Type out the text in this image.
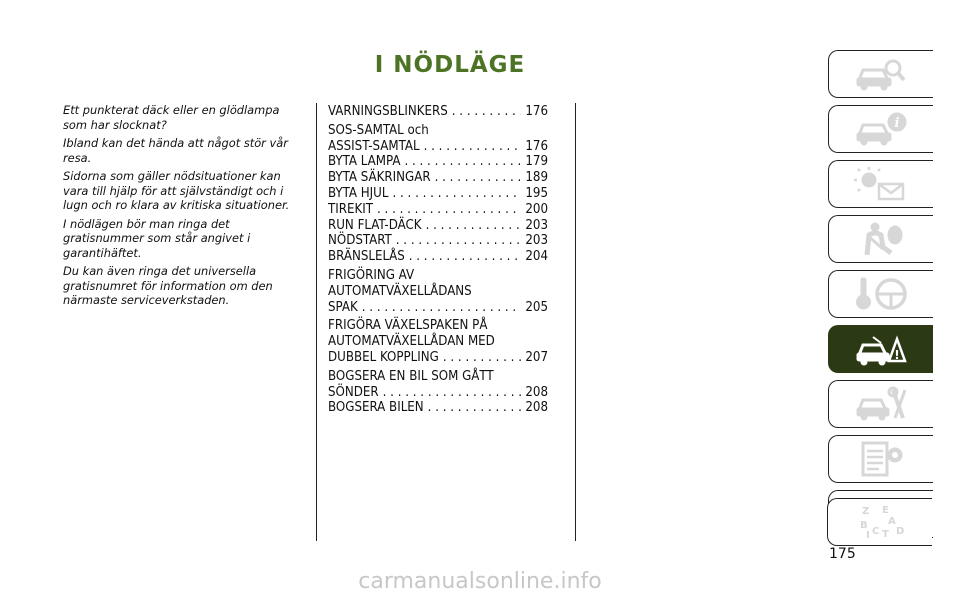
I NÖDLÄGE

Ett punkterat däck eller en glödlampa som har slocknat?

Ibland kan det hända att något stör vår resa.

Sidorna som gäller nödsituationer kan vara till hjälp för att självständigt och i lugn och ro klara av kritiska situationer.

I nödlägen bör man ringa det gratisnummer som står angivet i garantihäftet.

Du kan även ringa det universella gratisnumret för information om den närmaste serviceverkstaden.

VARNINGSBLINKERS . . .	176
SOS-SAMTAL och
ASSIST-SAMTAL . . .	176
BYTA LAMPA . . .	179
BYTA SÄKRINGAR . . .	189
BYTA HJUL . . .	195
TIREKIT . . .	200
RUN FLAT-DÄCK . . .	203
NÖDSTART . . .	203
BRÄNSLELÅS . . .	204
FRIGÖRING AV
AUTOMATVÄXELLÅDANS
SPAK . . .	205
FRIGÖRA VÄXELSPAKEN PÅ
AUTOMATVÄXELLÅDAN MED
DUBBEL KOPPLING . . .	207
BOGSERA EN BIL SOM GÅTT
SÖNDER . . .	208
BOGSERA BILEN . . .	208
i
!
Z E
B A
C T
I	D
175
carmanualsonline.info
